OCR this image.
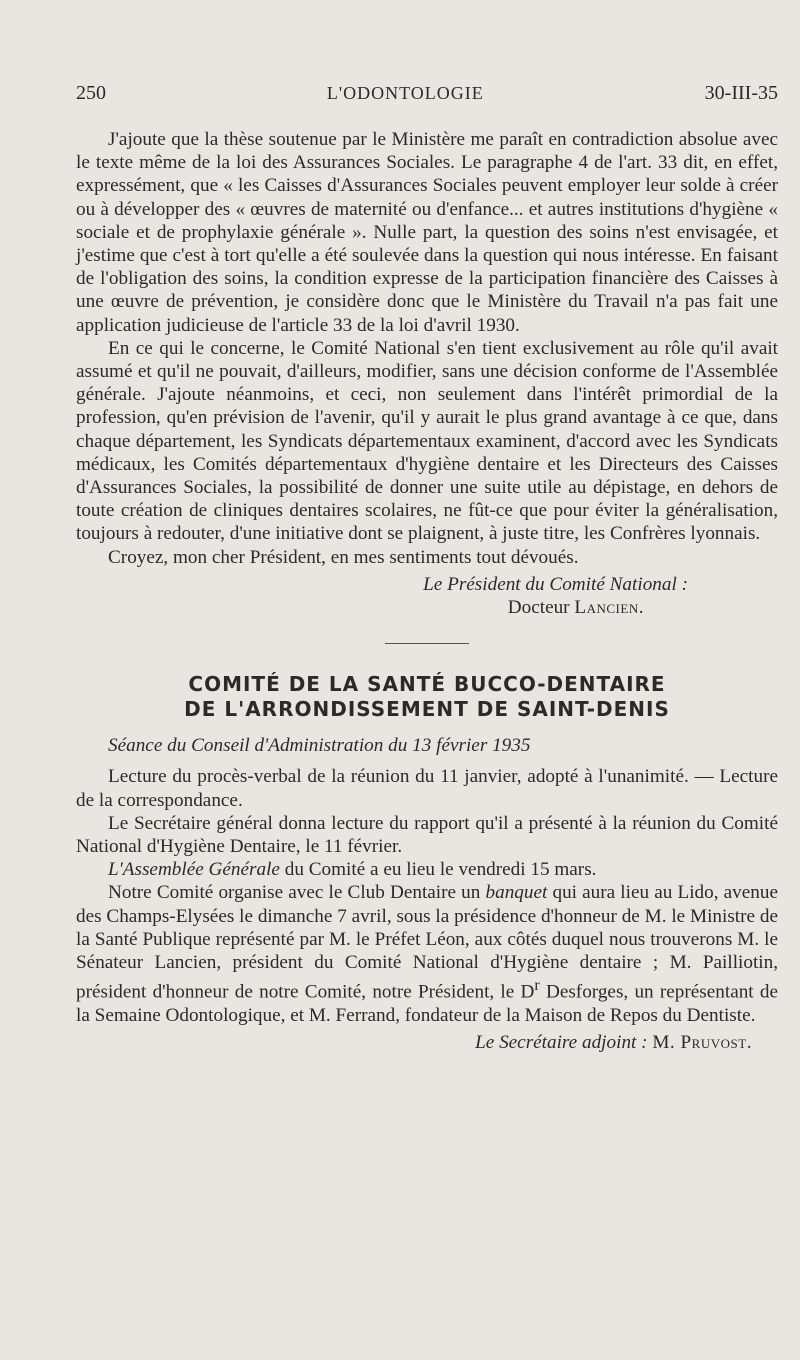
250	L'ODONTOLOGIE	30-III-35

J'ajoute que la thèse soutenue par le Ministère me paraît en contradiction absolue avec le texte même de la loi des Assurances Sociales. Le paragraphe 4 de l'art. 33 dit, en effet, expressément, que « les Caisses d'Assurances Sociales peuvent employer leur solde à créer ou à développer des « œuvres de maternité ou d'enfance... et autres institutions d'hygiène « sociale et de prophylaxie générale ». Nulle part, la question des soins n'est envisagée, et j'estime que c'est à tort qu'elle a été soulevée dans la question qui nous intéresse. En faisant de l'obligation des soins, la condition expresse de la participation financière des Caisses à une œuvre de prévention, je considère donc que le Ministère du Travail n'a pas fait une application judicieuse de l'article 33 de la loi d'avril 1930.

En ce qui le concerne, le Comité National s'en tient exclusivement au rôle qu'il avait assumé et qu'il ne pouvait, d'ailleurs, modifier, sans une décision conforme de l'Assemblée générale. J'ajoute néanmoins, et ceci, non seulement dans l'intérêt primordial de la profession, qu'en prévision de l'avenir, qu'il y aurait le plus grand avantage à ce que, dans chaque département, les Syndicats départementaux examinent, d'accord avec les Syndicats médicaux, les Comités départementaux d'hygiène dentaire et les Directeurs des Caisses d'Assurances Sociales, la possibilité de donner une suite utile au dépistage, en dehors de toute création de cliniques dentaires scolaires, ne fût-ce que pour éviter la généralisation, toujours à redouter, d'une initiative dont se plaignent, à juste titre, les Confrères lyonnais.

Croyez, mon cher Président, en mes sentiments tout dévoués.

Le Président du Comité National :
Docteur Lancien.
COMITÉ DE LA SANTÉ BUCCO-DENTAIRE
DE L'ARRONDISSEMENT DE SAINT-DENIS
Séance du Conseil d'Administration du 13 février 1935

Lecture du procès-verbal de la réunion du 11 janvier, adopté à l'unanimité. — Lecture de la correspondance.

Le Secrétaire général donna lecture du rapport qu'il a présenté à la réunion du Comité National d'Hygiène Dentaire, le 11 février.

L'Assemblée Générale du Comité a eu lieu le vendredi 15 mars.

Notre Comité organise avec le Club Dentaire un banquet qui aura lieu au Lido, avenue des Champs-Elysées le dimanche 7 avril, sous la présidence d'honneur de M. le Ministre de la Santé Publique représenté par M. le Préfet Léon, aux côtés duquel nous trouverons M. le Sénateur Lancien, président du Comité National d'Hygiène dentaire ; M. Pailliotin, président d'honneur de notre Comité, notre Président, le $D^r$ Desforges, un représentant de la Semaine Odontologique, et M. Ferrand, fondateur de la Maison de Repos du Dentiste.

Le Secrétaire adjoint : M. Pruvost.
